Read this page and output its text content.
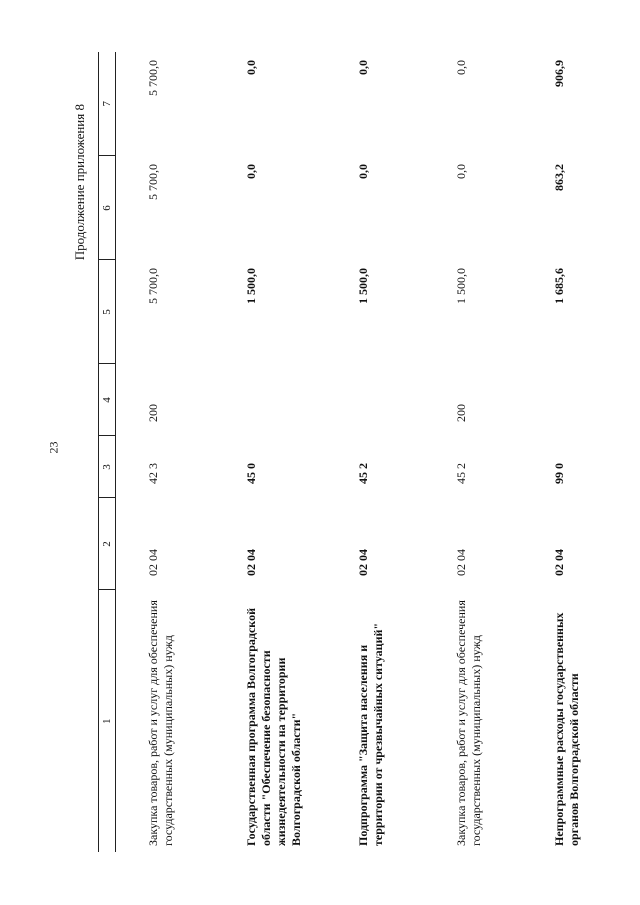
23
Продолжение приложения 8
1	2	3	4	5	6	7
Закупка товаров, работ и услуг для обеспечения государственных (муниципальных) нужд	02 04	42 3	200	5 700,0	5 700,0	5 700,0
Государственная программа Волгоградской области "Обеспечение безопасности жизнедеятельности на территории Волгоградской области"	02 04	45 0		1 500,0	0,0	0,0
Подпрограмма "Защита населения и территории от чрезвычайных ситуаций"	02 04	45 2		1 500,0	0,0	0,0
Закупка товаров, работ и услуг для обеспечения государственных (муниципальных) нужд	02 04	45 2	200	1 500,0	0,0	0,0
Непрограммные расходы государственных органов Волгоградской области	02 04	99 0		1 685,6	863,2	906,9
